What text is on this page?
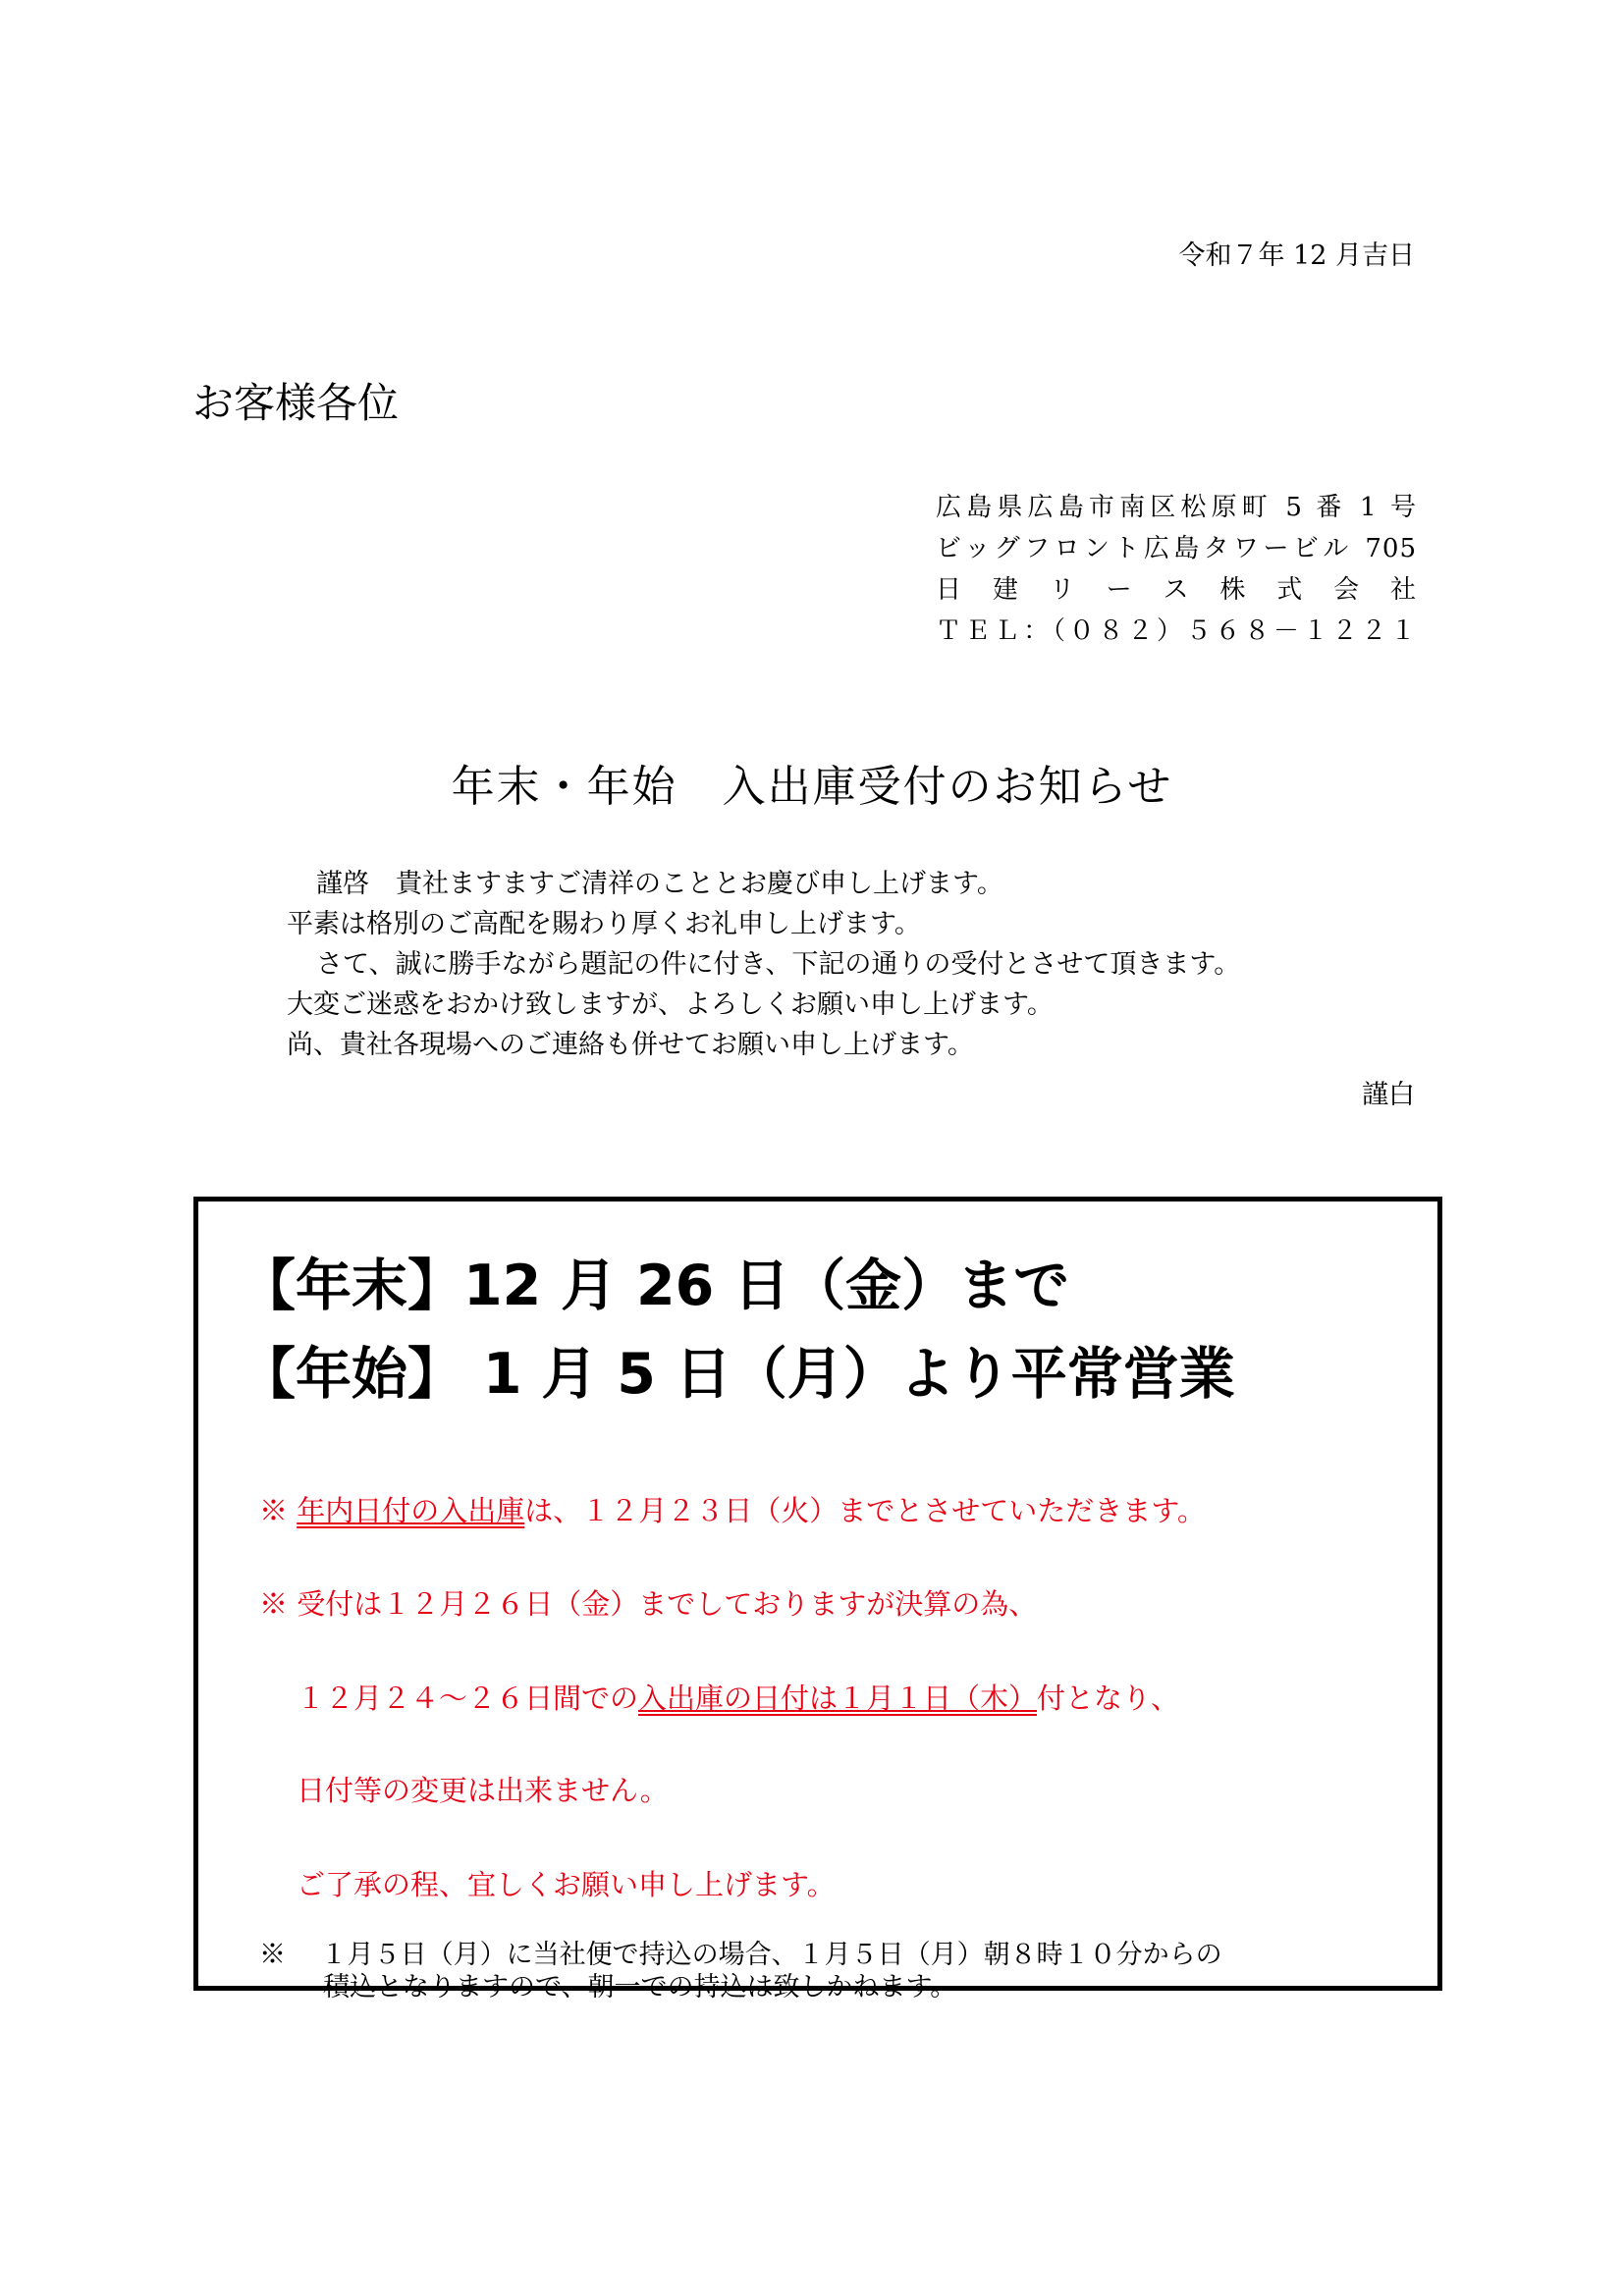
令和７年 12 月吉日

お客様各位

広島県広島市南区松原町 5 番 1 号
ビッグフロント広島タワービル 705
日 建 リ ー ス 株 式 会 社
ＴＥＬ：（０８２）５６８－１２２１
年末・年始　入出庫受付のお知らせ

謹啓　貴社ますますご清祥のこととお慶び申し上げます。

平素は格別のご高配を賜わり厚くお礼申し上げます。

さて、誠に勝手ながら題記の件に付き、下記の通りの受付とさせて頂きます。

大変ご迷惑をおかけ致しますが、よろしくお願い申し上げます。

尚、貴社各現場へのご連絡も併せてお願い申し上げます。

謹白

【年末】12 月 26 日（金）まで
【年始】 1 月 5 日（月）より平常営業
※ 年内日付の入出庫は、１２月２３日（火）までとさせていただきます。
※ 受付は１２月２６日（金）までしておりますが決算の為、
１２月２４～２６日間での入出庫の日付は１月１日（木）付となり、
日付等の変更は出来ません。
ご了承の程、宜しくお願い申し上げます。
※　 １月５日（月）に当社便で持込の場合、１月５日（月）朝８時１０分からの
積込となりますので、朝一での持込は致しかねます。
